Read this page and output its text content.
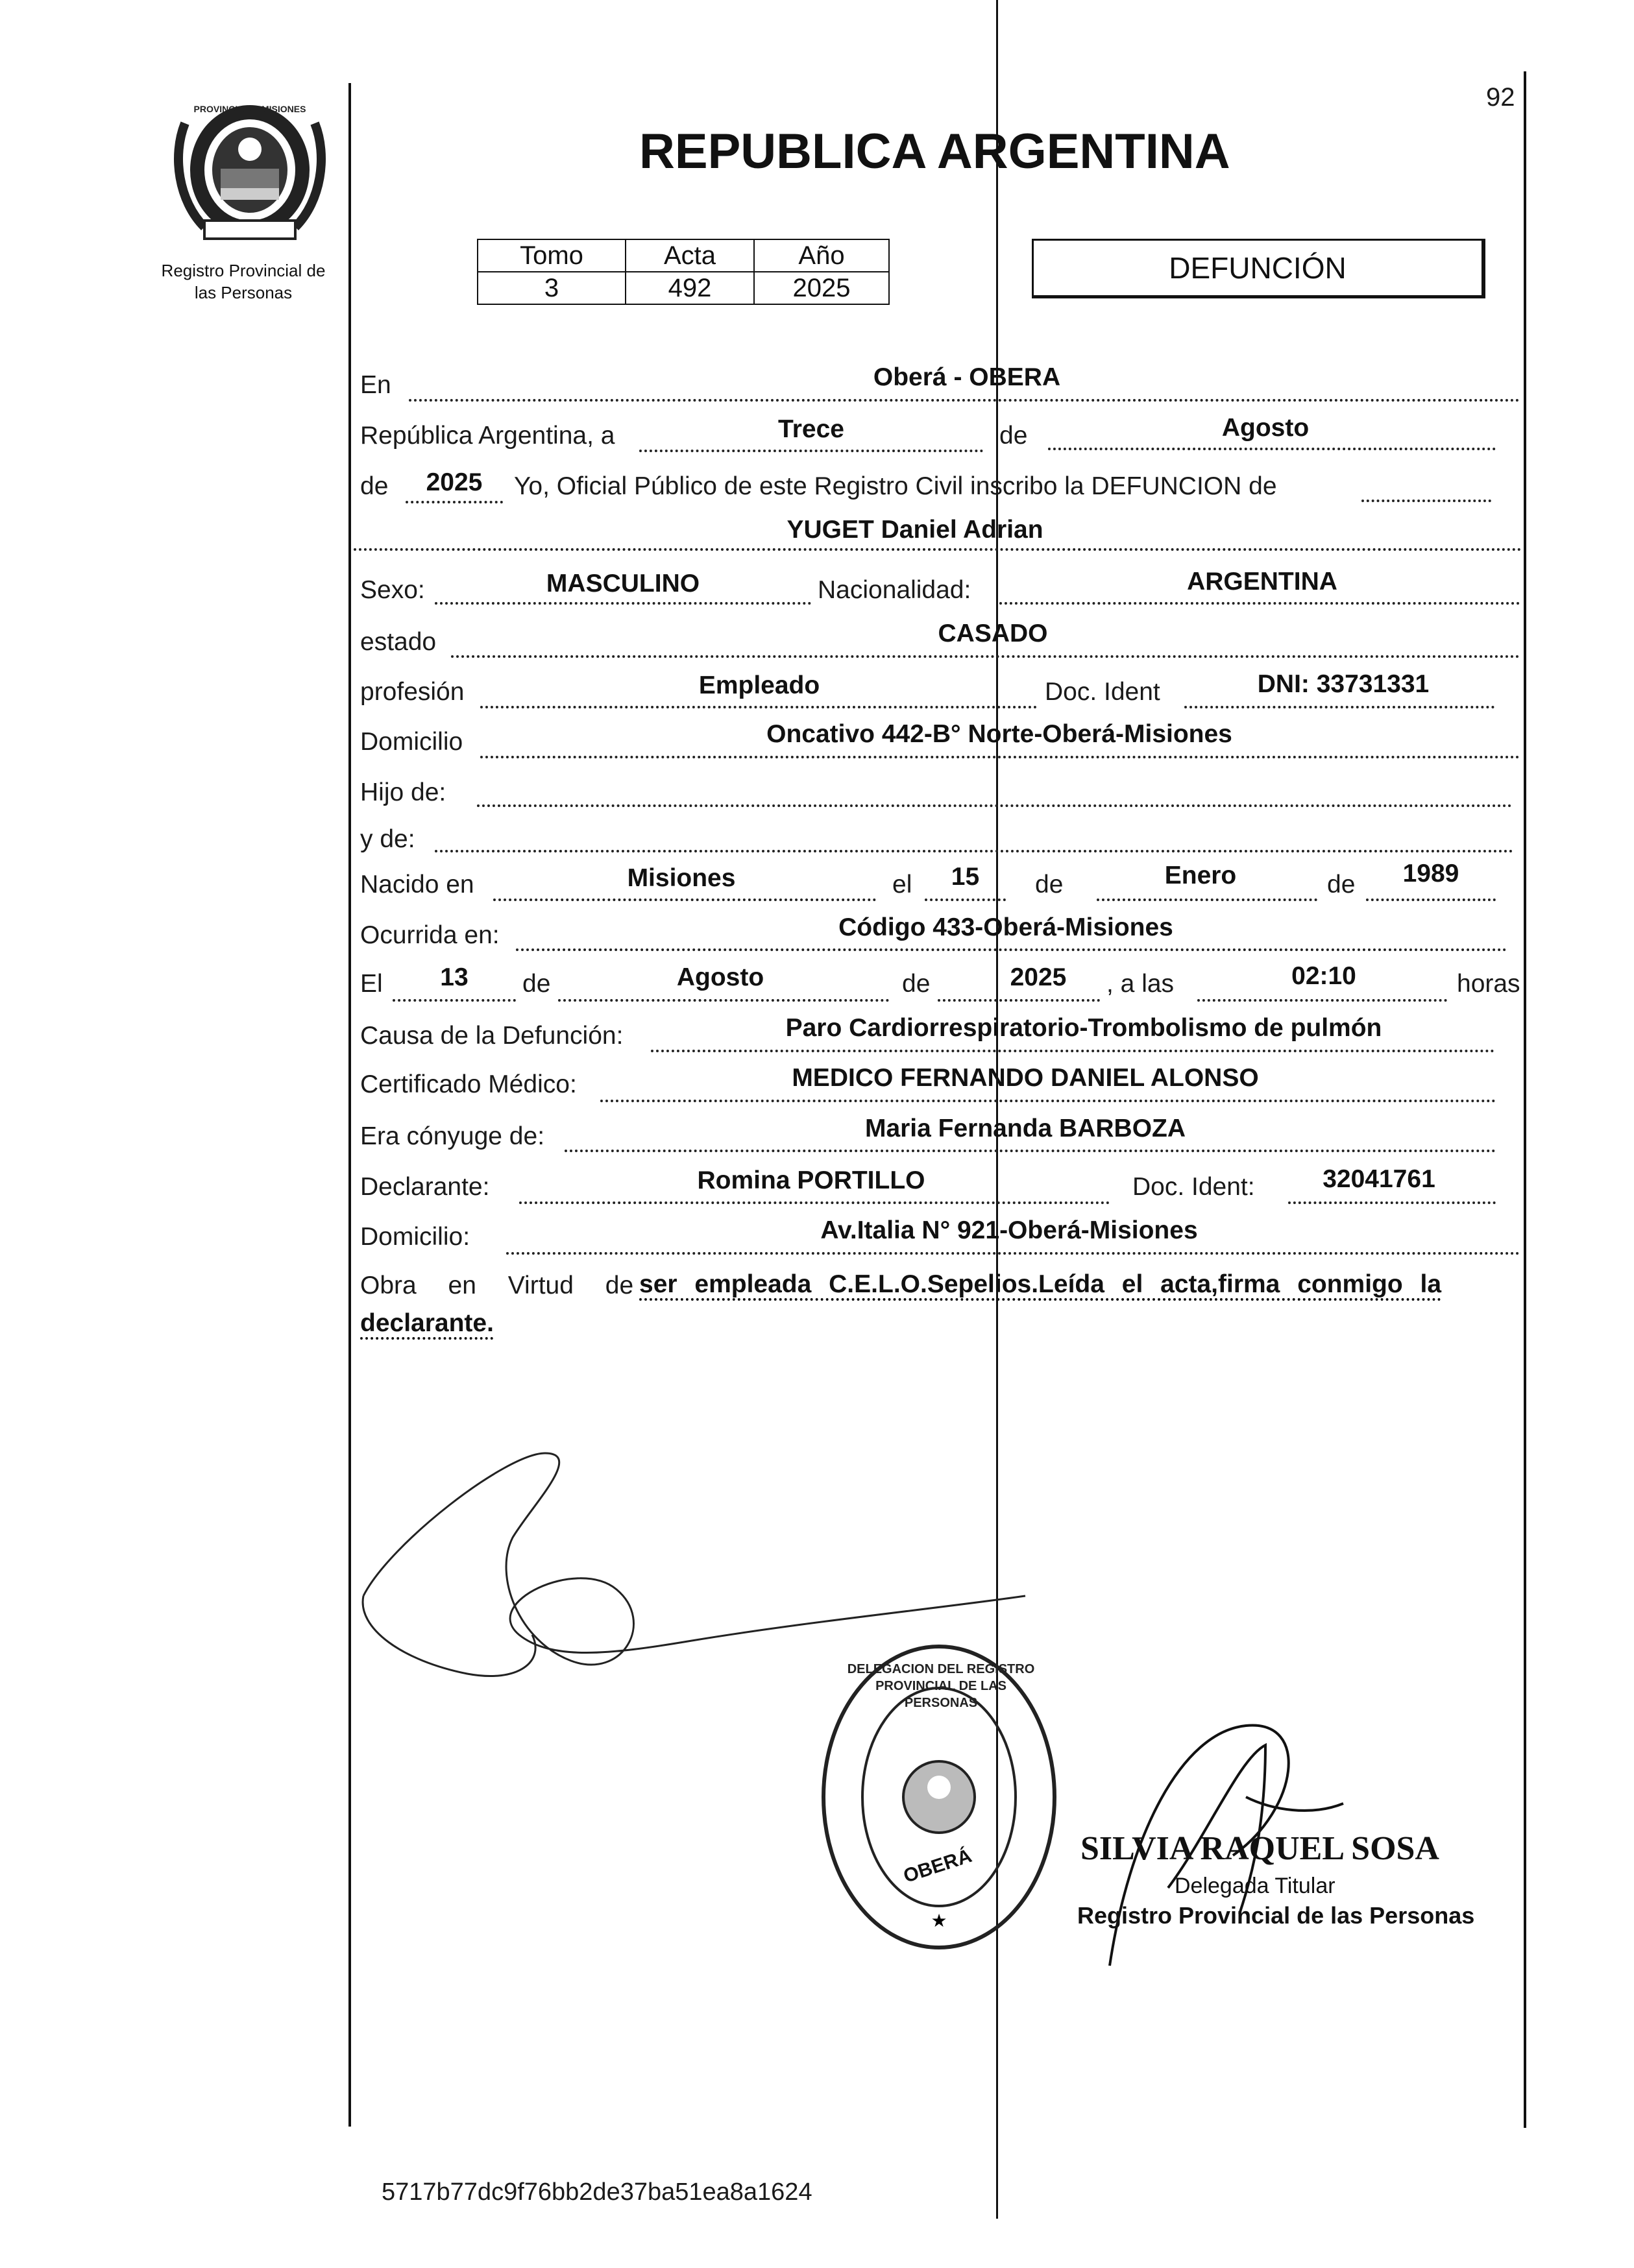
92
PROVINCIA DE MISIONES
Registro Provincial de
las Personas
REPUBLICA ARGENTINA
Tomo	Acta	Año
3	492	2025
DEFUNCIÓN
En	Oberá - OBERA
República Argentina, a	Trece	de	Agosto
de	2025	Yo, Oficial Público de este Registro Civil inscribo la DEFUNCION de
YUGET Daniel Adrian
Sexo:	MASCULINO	Nacionalidad:	ARGENTINA
estado	CASADO
profesión	Empleado	Doc. Ident	DNI: 33731331
Domicilio	Oncativo 442-B° Norte-Oberá-Misiones
Hijo de:
y de:
Nacido en	Misiones	el	15	de	Enero	de	1989
Ocurrida en:	Código 433-Oberá-Misiones
El	13	de	Agosto	de	2025	, a las	02:10	horas
Causa de la Defunción:	Paro Cardiorrespiratorio-Trombolismo de pulmón
Certificado Médico:	MEDICO FERNANDO DANIEL ALONSO
Era cónyuge de:	Maria Fernanda BARBOZA
Declarante:	Romina PORTILLO	Doc. Ident:	32041761
Domicilio:	Av.Italia N° 921-Oberá-Misiones
Obra en Virtud de ser empleada C.E.L.O.Sepelios.Leída el acta,firma conmigo la
declarante.
★
DELEGACION DEL REGISTRO PROVINCIAL DE LAS PERSONAS
OBERÁ	SILVIA RAQUEL SOSA
Delegada Titular
Registro Provincial de las Personas
5717b77dc9f76bb2de37ba51ea8a1624
